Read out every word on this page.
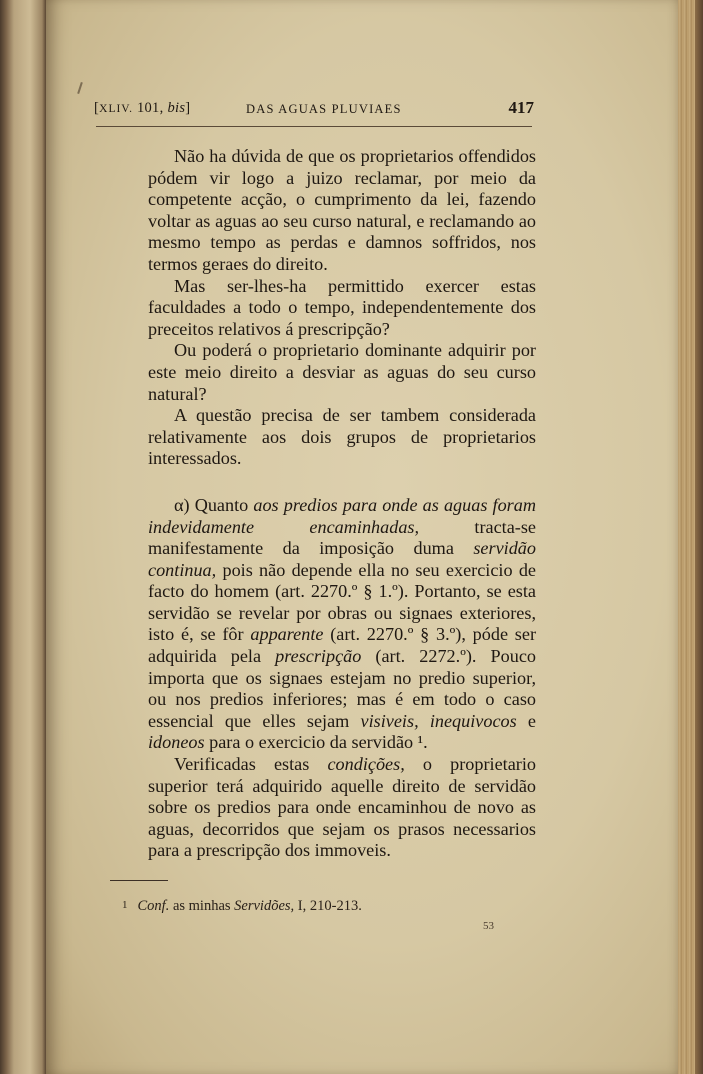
[XLIV. 101, bis]	DAS AGUAS PLUVIAES	417

Não ha dúvida de que os proprietarios offendidos pódem vir logo a juizo reclamar, por meio da competente acção, o cumprimento da lei, fazendo voltar as aguas ao seu curso natural, e reclamando ao mesmo tempo as perdas e damnos soffridos, nos termos geraes do direito.

Mas ser-lhes-ha permittido exercer estas faculdades a todo o tempo, independentemente dos preceitos relativos á prescripção?

Ou poderá o proprietario dominante adquirir por este meio direito a desviar as aguas do seu curso natural?

A questão precisa de ser tambem considerada relativamente aos dois grupos de proprietarios interessados.

α) Quanto aos predios para onde as aguas foram indevidamente encaminhadas, tracta-se manifestamente da imposição duma servidão continua, pois não depende ella no seu exercicio de facto do homem (art. 2270.º § 1.º). Portanto, se esta servidão se revelar por obras ou signaes exteriores, isto é, se fôr apparente (art. 2270.º § 3.º), póde ser adquirida pela prescripção (art. 2272.º). Pouco importa que os signaes estejam no predio superior, ou nos predios inferiores; mas é em todo o caso essencial que elles sejam visiveis, inequivocos e idoneos para o exercicio da servidão ¹.

Verificadas estas condições, o proprietario superior terá adquirido aquelle direito de servidão sobre os predios para onde encaminhou de novo as aguas, decorridos que sejam os prasos necessarios para a prescripção dos immoveis.

1 Conf. as minhas Servidões, I, 210-213.
53
